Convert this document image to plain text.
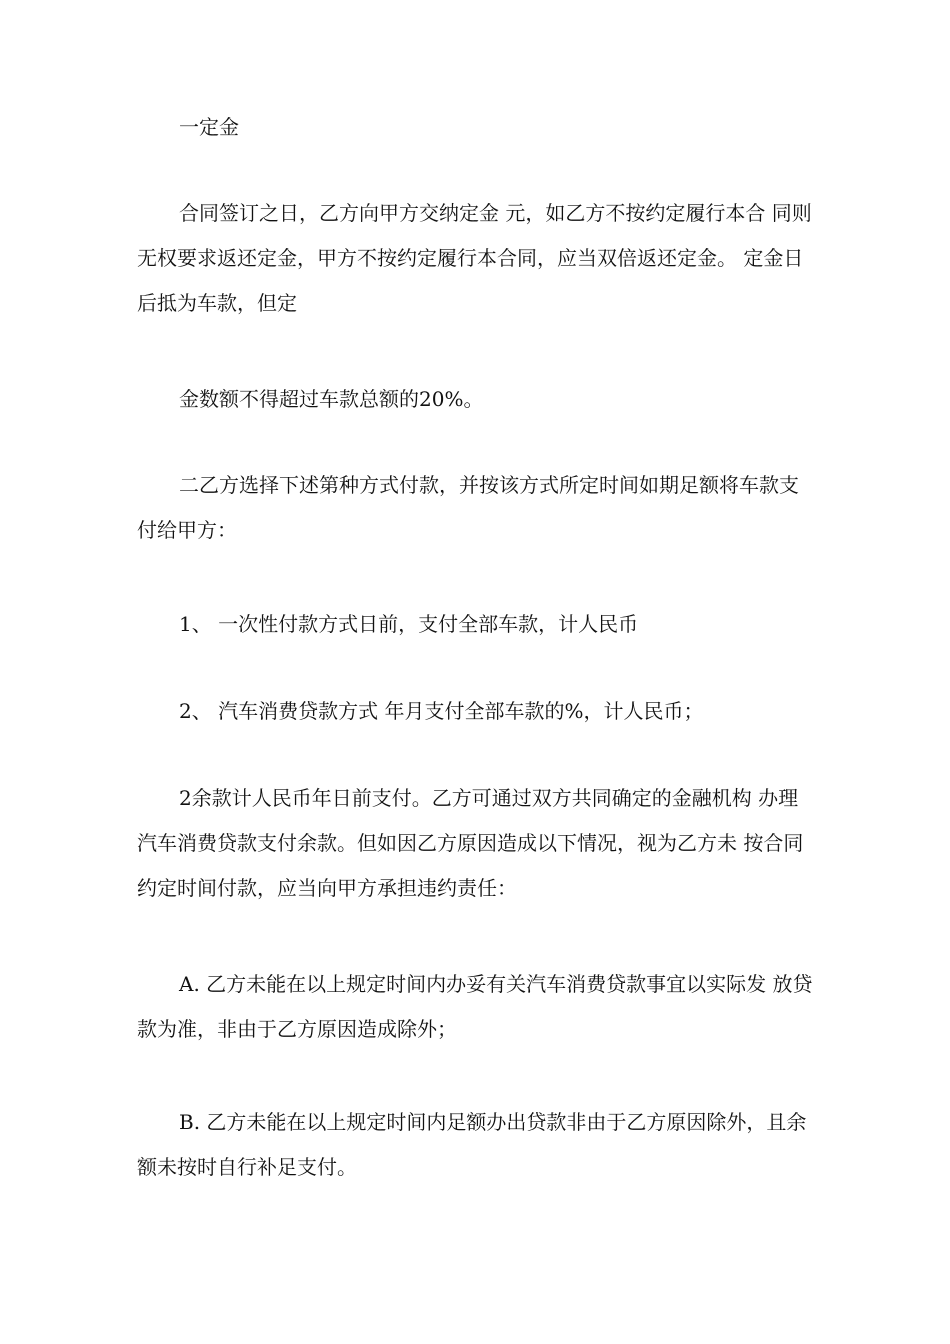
一定金

合同签订之日，乙方向甲方交纳定金 元，如乙方不按约定履行本合 同则无权要求返还定金，甲方不按约定履行本合同，应当双倍返还定金。 定金日后抵为车款，但定

金数额不得超过车款总额的20%。

二乙方选择下述第种方式付款，并按该方式所定时间如期足额将车款支付给甲方：

1、 一次性付款方式日前，支付全部车款，计人民币

2、 汽车消费贷款方式 年月支付全部车款的%，计人民币；

2余款计人民币年日前支付。乙方可通过双方共同确定的金融机构 办理汽车消费贷款支付余款。但如因乙方原因造成以下情况，视为乙方未 按合同约定时间付款，应当向甲方承担违约责任：

A. 乙方未能在以上规定时间内办妥有关汽车消费贷款事宜以实际发 放贷款为准，非由于乙方原因造成除外；

B. 乙方未能在以上规定时间内足额办出贷款非由于乙方原因除外，且余额未按时自行补足支付。
